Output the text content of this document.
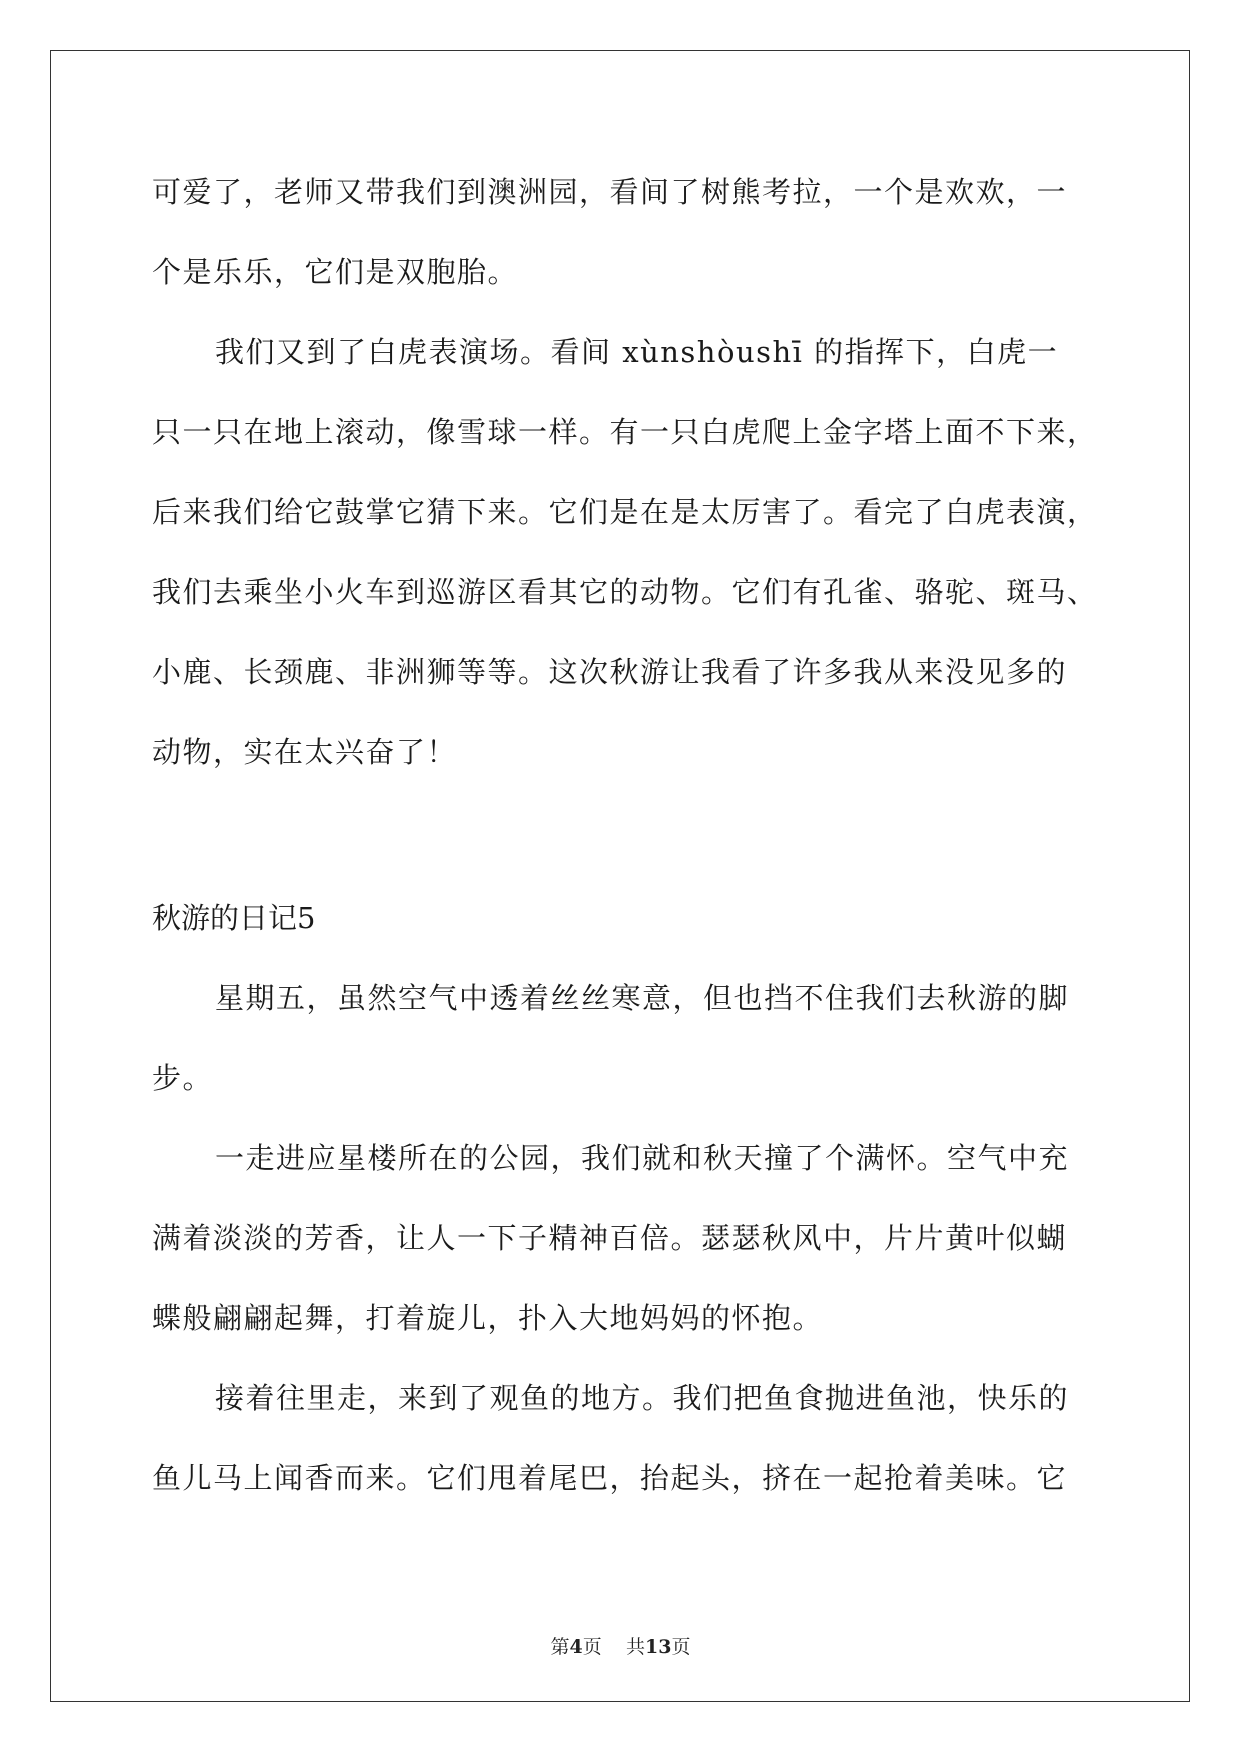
可爱了，老师又带我们到澳洲园，看间了树熊考拉，一个是欢欢，一
个是乐乐，它们是双胞胎。
我们又到了白虎表演场。看间 xùnshòushī 的指挥下，白虎一
只一只在地上滚动，像雪球一样。有一只白虎爬上金字塔上面不下来，
后来我们给它鼓掌它猜下来。它们是在是太厉害了。看完了白虎表演，
我们去乘坐小火车到巡游区看其它的动物。它们有孔雀、骆驼、斑马、
小鹿、长颈鹿、非洲狮等等。这次秋游让我看了许多我从来没见多的
动物，实在太兴奋了！
秋游的日记5
星期五，虽然空气中透着丝丝寒意，但也挡不住我们去秋游的脚
步。
一走进应星楼所在的公园，我们就和秋天撞了个满怀。空气中充
满着淡淡的芳香，让人一下子精神百倍。瑟瑟秋风中，片片黄叶似蝴
蝶般翩翩起舞，打着旋儿，扑入大地妈妈的怀抱。
接着往里走，来到了观鱼的地方。我们把鱼食抛进鱼池，快乐的
鱼儿马上闻香而来。它们甩着尾巴，抬起头，挤在一起抢着美味。它
第4页 共13页
